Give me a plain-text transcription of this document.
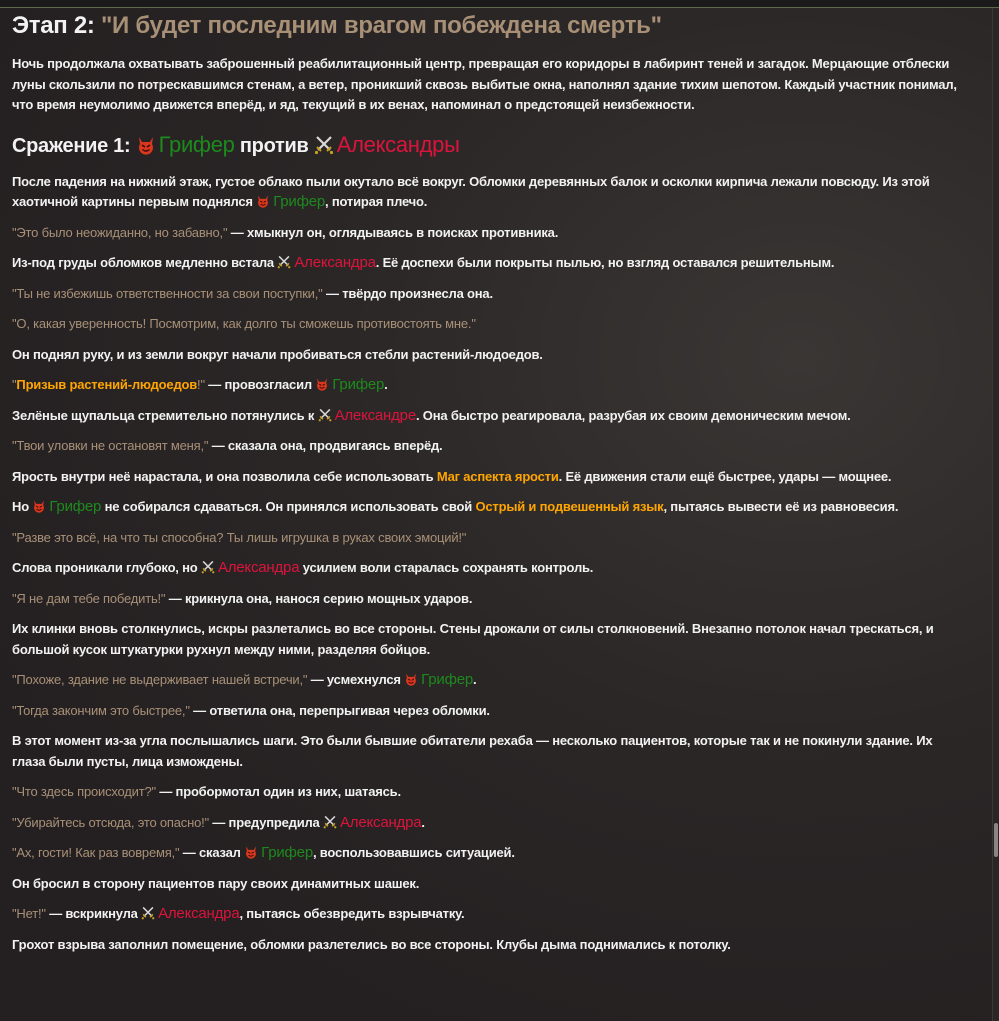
Этап 2: "И будет последним врагом побеждена смерть"

Ночь продолжала охватывать заброшенный реабилитационный центр, превращая его коридоры в лабиринт теней и загадок. Мерцающие отблески луны скользили по потрескавшимся стенам, а ветер, проникший сквозь выбитые окна, наполнял здание тихим шепотом. Каждый участник понимал, что время неумолимо движется вперёд, и яд, текущий в их венах, напоминал о предстоящей неизбежности.

Сражение 1: Грифер против Александры

После падения на нижний этаж, густое облако пыли окутало всё вокруг. Обломки деревянных балок и осколки кирпича лежали повсюду. Из этой хаотичной картины первым поднялся Грифер, потирая плечо.

"Это было неожиданно, но забавно," — хмыкнул он, оглядываясь в поисках противника.

Из-под груды обломков медленно встала Александра. Её доспехи были покрыты пылью, но взгляд оставался решительным.

"Ты не избежишь ответственности за свои поступки," — твёрдо произнесла она.

"О, какая уверенность! Посмотрим, как долго ты сможешь противостоять мне."

Он поднял руку, и из земли вокруг начали пробиваться стебли растений-людоедов.

"Призыв растений-людоедов!" — провозгласил Грифер.

Зелёные щупальца стремительно потянулись к Александре. Она быстро реагировала, разрубая их своим демоническим мечом.

"Твои уловки не остановят меня," — сказала она, продвигаясь вперёд.

Ярость внутри неё нарастала, и она позволила себе использовать Маг аспекта ярости. Её движения стали ещё быстрее, удары — мощнее.

Но Грифер не собирался сдаваться. Он принялся использовать свой Острый и подвешенный язык, пытаясь вывести её из равновесия.

"Разве это всё, на что ты способна? Ты лишь игрушка в руках своих эмоций!"

Слова проникали глубоко, но Александра усилием воли старалась сохранять контроль.

"Я не дам тебе победить!" — крикнула она, нанося серию мощных ударов.

Их клинки вновь столкнулись, искры разлетались во все стороны. Стены дрожали от силы столкновений. Внезапно потолок начал трескаться, и большой кусок штукатурки рухнул между ними, разделяя бойцов.

"Похоже, здание не выдерживает нашей встречи," — усмехнулся Грифер.

"Тогда закончим это быстрее," — ответила она, перепрыгивая через обломки.

В этот момент из-за угла послышались шаги. Это были бывшие обитатели рехаба — несколько пациентов, которые так и не покинули здание. Их глаза были пусты, лица измождены.

"Что здесь происходит?" — пробормотал один из них, шатаясь.

"Убирайтесь отсюда, это опасно!" — предупредила Александра.

"Ах, гости! Как раз вовремя," — сказал Грифер, воспользовавшись ситуацией.

Он бросил в сторону пациентов пару своих динамитных шашек.

"Нет!" — вскрикнула Александра, пытаясь обезвредить взрывчатку.

Грохот взрыва заполнил помещение, обломки разлетелись во все стороны. Клубы дыма поднимались к потолку.
